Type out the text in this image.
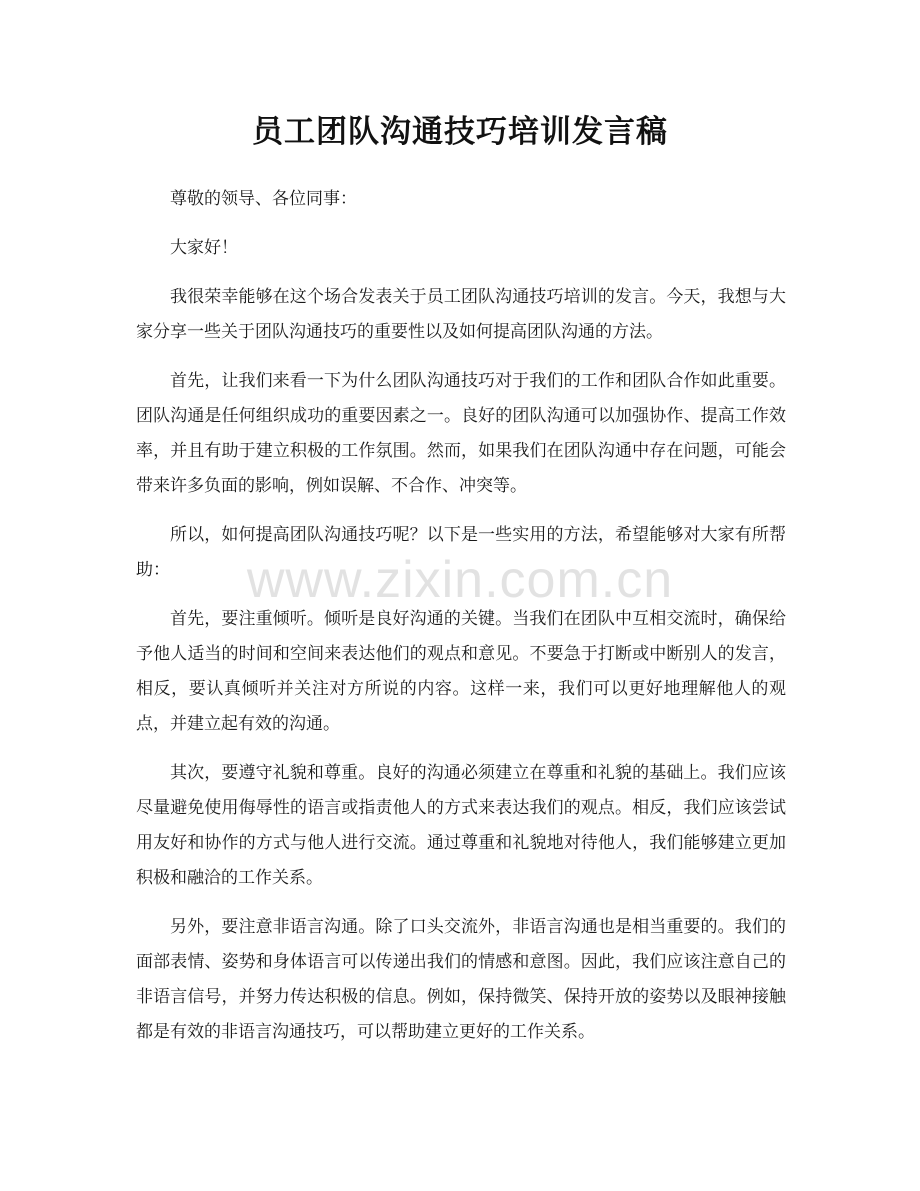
员工团队沟通技巧培训发言稿

尊敬的领导、各位同事：

大家好！

我很荣幸能够在这个场合发表关于员工团队沟通技巧培训的发言。今天，我想与大家分享一些关于团队沟通技巧的重要性以及如何提高团队沟通的方法。

首先，让我们来看一下为什么团队沟通技巧对于我们的工作和团队合作如此重要。团队沟通是任何组织成功的重要因素之一。良好的团队沟通可以加强协作、提高工作效率，并且有助于建立积极的工作氛围。然而，如果我们在团队沟通中存在问题，可能会带来许多负面的影响，例如误解、不合作、冲突等。

所以，如何提高团队沟通技巧呢？以下是一些实用的方法，希望能够对大家有所帮助：

首先，要注重倾听。倾听是良好沟通的关键。当我们在团队中互相交流时，确保给予他人适当的时间和空间来表达他们的观点和意见。不要急于打断或中断别人的发言，相反，要认真倾听并关注对方所说的内容。这样一来，我们可以更好地理解他人的观点，并建立起有效的沟通。

其次，要遵守礼貌和尊重。良好的沟通必须建立在尊重和礼貌的基础上。我们应该尽量避免使用侮辱性的语言或指责他人的方式来表达我们的观点。相反，我们应该尝试用友好和协作的方式与他人进行交流。通过尊重和礼貌地对待他人，我们能够建立更加积极和融洽的工作关系。

另外，要注意非语言沟通。除了口头交流外，非语言沟通也是相当重要的。我们的面部表情、姿势和身体语言可以传递出我们的情感和意图。因此，我们应该注意自己的非语言信号，并努力传达积极的信息。例如，保持微笑、保持开放的姿势以及眼神接触都是有效的非语言沟通技巧，可以帮助建立更好的工作关系。

www.zixin.com.cn
